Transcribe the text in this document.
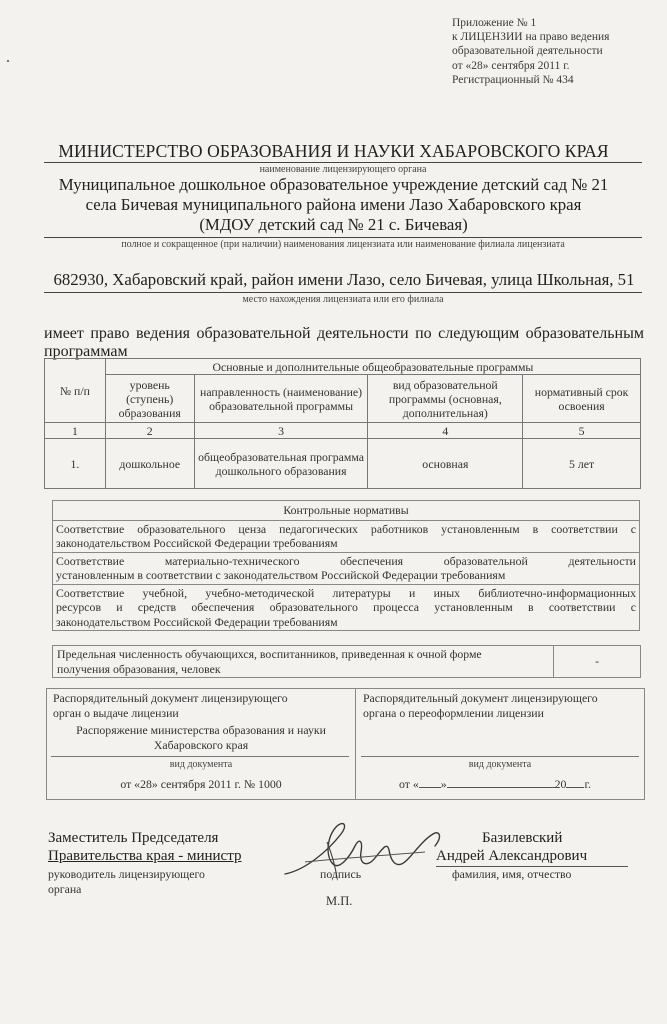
Приложение № 1
к ЛИЦЕНЗИИ на право ведения
образовательной деятельности
от «28» сентября 2011 г.
Регистрационный № 434
МИНИСТЕРСТВО ОБРАЗОВАНИЯ И НАУКИ ХАБАРОВСКОГО КРАЯ
наименование лицензирующего органа
Муниципальное дошкольное образовательное учреждение детский сад № 21
села Бичевая муниципального района имени Лазо Хабаровского края
(МДОУ детский сад № 21 с. Бичевая)
полное и сокращенное (при наличии) наименования лицензиата или наименование филиала лицензиата
682930, Хабаровский край, район имени Лазо, село Бичевая, улица Школьная, 51
место нахождения лицензиата или его филиала
имеет право ведения образовательной деятельности по следующим образовательным
программам
№ п/п	Основные и дополнительные общеобразовательные программы			
	уровень (ступень) образования	направленность (наименование) образовательной программы	вид образовательной программы (основная, дополнительная)	нормативный срок освоения
1	2	3	4	5
1.	дошкольное	общеобразовательная программа дошкольного образования	основная	5 лет
Контрольные нормативы

Соответствие образовательного ценза педагогических работников установленным в соответствии с
законодательством Российской Федерации требованиям

Соответствие материально-технического обеспечения образовательной деятельности
установленным в соответствии с законодательством Российской Федерации требованиям

Соответствие учебной, учебно-методической литературы и иных библиотечно-информационных
ресурсов и средств обеспечения образовательного процесса установленным в соответствии с
законодательством Российской Федерации требованиям
Предельная численность обучающихся, воспитанников, приведенная к очной форме
получения образования, человек
	-
Распорядительный документ лицензирующего
орган о выдаче лицензии
Распоряжение министерства образования и науки
Хабаровского края
вид документа
от «28» сентября 2011 г. № 1000
Распорядительный документ лицензирующего
органа о переоформлении лицензии
вид документа
от « »	20 г.
Заместитель Председателя
Правительства края - министр
Базилевский
Андрей Александрович
руководитель лицензирующего
органа
подпись	фамилия, имя, отчество
М.П.
